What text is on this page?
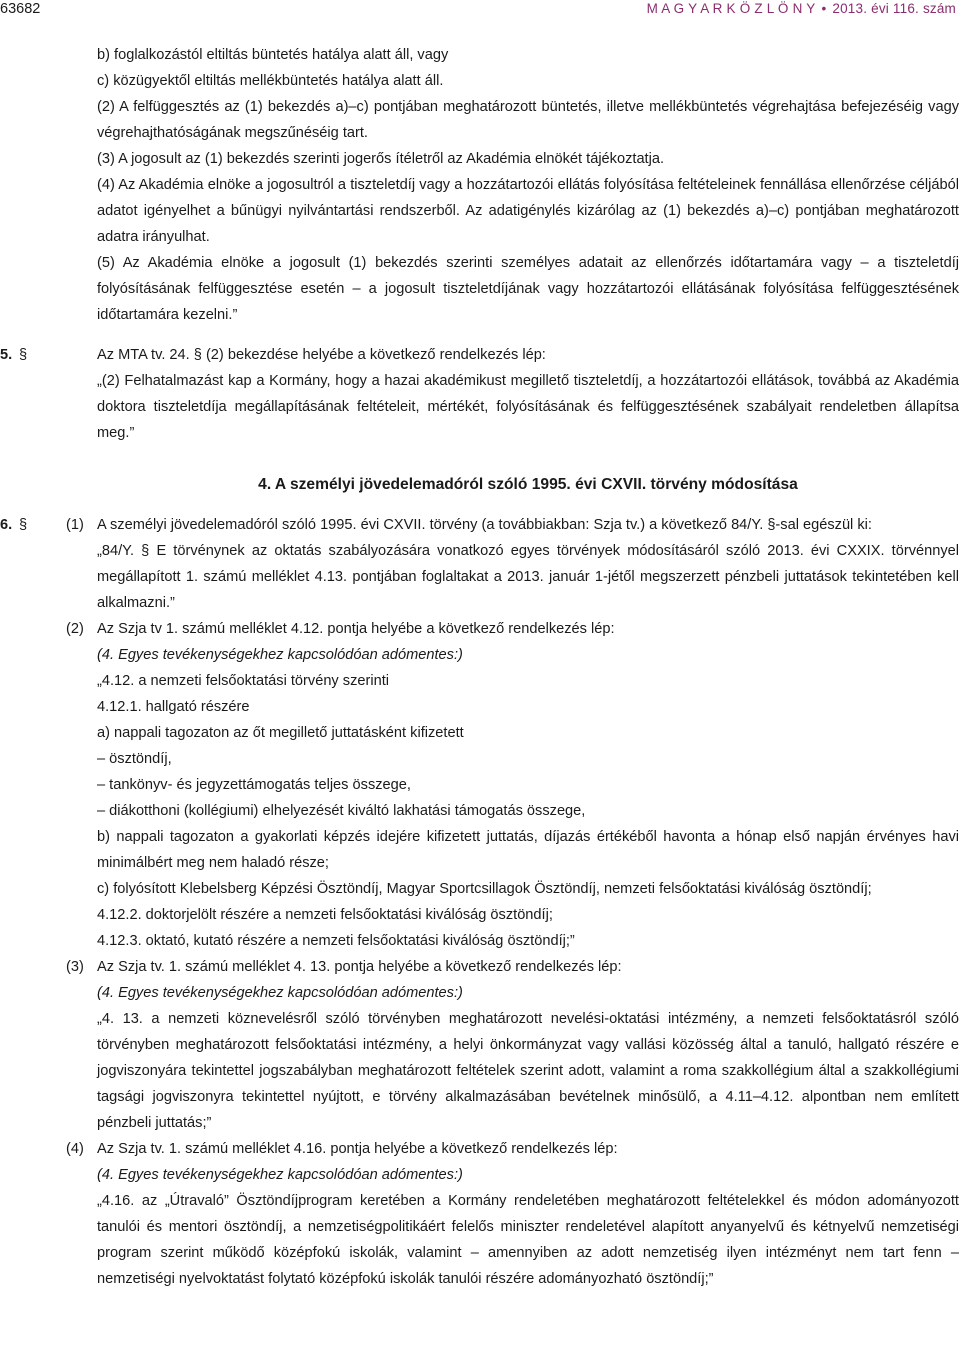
63682	M A G Y A R K Ö Z L Ö N Y • 2013. évi 116. szám

b) foglalkozástól eltiltás büntetés hatálya alatt áll, vagy

c) közügyektől eltiltás mellékbüntetés hatálya alatt áll.

(2) A felfüggesztés az (1) bekezdés a)–c) pontjában meghatározott büntetés, illetve mellékbüntetés végrehajtása befejezéséig vagy végrehajthatóságának megszűnéséig tart.

(3) A jogosult az (1) bekezdés szerinti jogerős ítéletről az Akadémia elnökét tájékoztatja.

(4) Az Akadémia elnöke a jogosultról a tiszteletdíj vagy a hozzátartozói ellátás folyósítása feltételeinek fennállása ellenőrzése céljából adatot igényelhet a bűnügyi nyilvántartási rendszerből. Az adatigénylés kizárólag az (1) bekezdés a)–c) pontjában meghatározott adatra irányulhat.

(5) Az Akadémia elnöke a jogosult (1) bekezdés szerinti személyes adatait az ellenőrzés időtartamára vagy – a tiszteletdíj folyósításának felfüggesztése esetén – a jogosult tiszteletdíjának vagy hozzátartozói ellátásának folyósítása felfüggesztésének időtartamára kezelni.”

5. §	Az MTA tv. 24. § (2) bekezdése helyébe a következő rendelkezés lép:

„(2) Felhatalmazást kap a Kormány, hogy a hazai akadémikust megillető tiszteletdíj, a hozzátartozói ellátások, továbbá az Akadémia doktora tiszteletdíja megállapításának feltételeit, mértékét, folyósításának és felfüggesztésének szabályait rendeletben állapítsa meg.”

4. A személyi jövedelemadóról szóló 1995. évi CXVII. törvény módosítása

6. §	(1) A személyi jövedelemadóról szóló 1995. évi CXVII. törvény (a továbbiakban: Szja tv.) a következő 84/Y. §-sal egészül ki:

„84/Y. § E törvénynek az oktatás szabályozására vonatkozó egyes törvények módosításáról szóló 2013. évi CXXIX. törvénnyel megállapított 1. számú melléklet 4.13. pontjában foglaltakat a 2013. január 1-jétől megszerzett pénzbeli juttatások tekintetében kell alkalmazni.”

(2) Az Szja tv 1. számú melléklet 4.12. pontja helyébe a következő rendelkezés lép:

(4. Egyes tevékenységekhez kapcsolódóan adómentes:)

„4.12. a nemzeti felsőoktatási törvény szerinti

4.12.1. hallgató részére

a) nappali tagozaton az őt megillető juttatásként kifizetett

– ösztöndíj,

– tankönyv- és jegyzettámogatás teljes összege,

– diákotthoni (kollégiumi) elhelyezését kiváltó lakhatási támogatás összege,

b) nappali tagozaton a gyakorlati képzés idejére kifizetett juttatás, díjazás értékéből havonta a hónap első napján érvényes havi minimálbért meg nem haladó része;

c) folyósított Klebelsberg Képzési Ösztöndíj, Magyar Sportcsillagok Ösztöndíj, nemzeti felsőoktatási kiválóság ösztöndíj;

4.12.2. doktorjelölt részére a nemzeti felsőoktatási kiválóság ösztöndíj;

4.12.3. oktató, kutató részére a nemzeti felsőoktatási kiválóság ösztöndíj;”

(3) Az Szja tv. 1. számú melléklet 4. 13. pontja helyébe a következő rendelkezés lép:

(4. Egyes tevékenységekhez kapcsolódóan adómentes:)

„4. 13. a nemzeti köznevelésről szóló törvényben meghatározott nevelési-oktatási intézmény, a nemzeti felsőoktatásról szóló törvényben meghatározott felsőoktatási intézmény, a helyi önkormányzat vagy vallási közösség által a tanuló, hallgató részére e jogviszonyára tekintettel jogszabályban meghatározott feltételek szerint adott, valamint a roma szakkollégium által a szakkollégiumi tagsági jogviszonyra tekintettel nyújtott, e törvény alkalmazásában bevételnek minősülő, a 4.11–4.12. alpontban nem említett pénzbeli juttatás;”

(4) Az Szja tv. 1. számú melléklet 4.16. pontja helyébe a következő rendelkezés lép:

(4. Egyes tevékenységekhez kapcsolódóan adómentes:)

„4.16. az „Útravaló” Ösztöndíjprogram keretében a Kormány rendeletében meghatározott feltételekkel és módon adományozott tanulói és mentori ösztöndíj, a nemzetiségpolitikáért felelős miniszter rendeletével alapított anyanyelvű és kétnyelvű nemzetiségi program szerint működő középfokú iskolák, valamint – amennyiben az adott nemzetiség ilyen intézményt nem tart fenn – nemzetiségi nyelvoktatást folytató középfokú iskolák tanulói részére adományozható ösztöndíj;”
